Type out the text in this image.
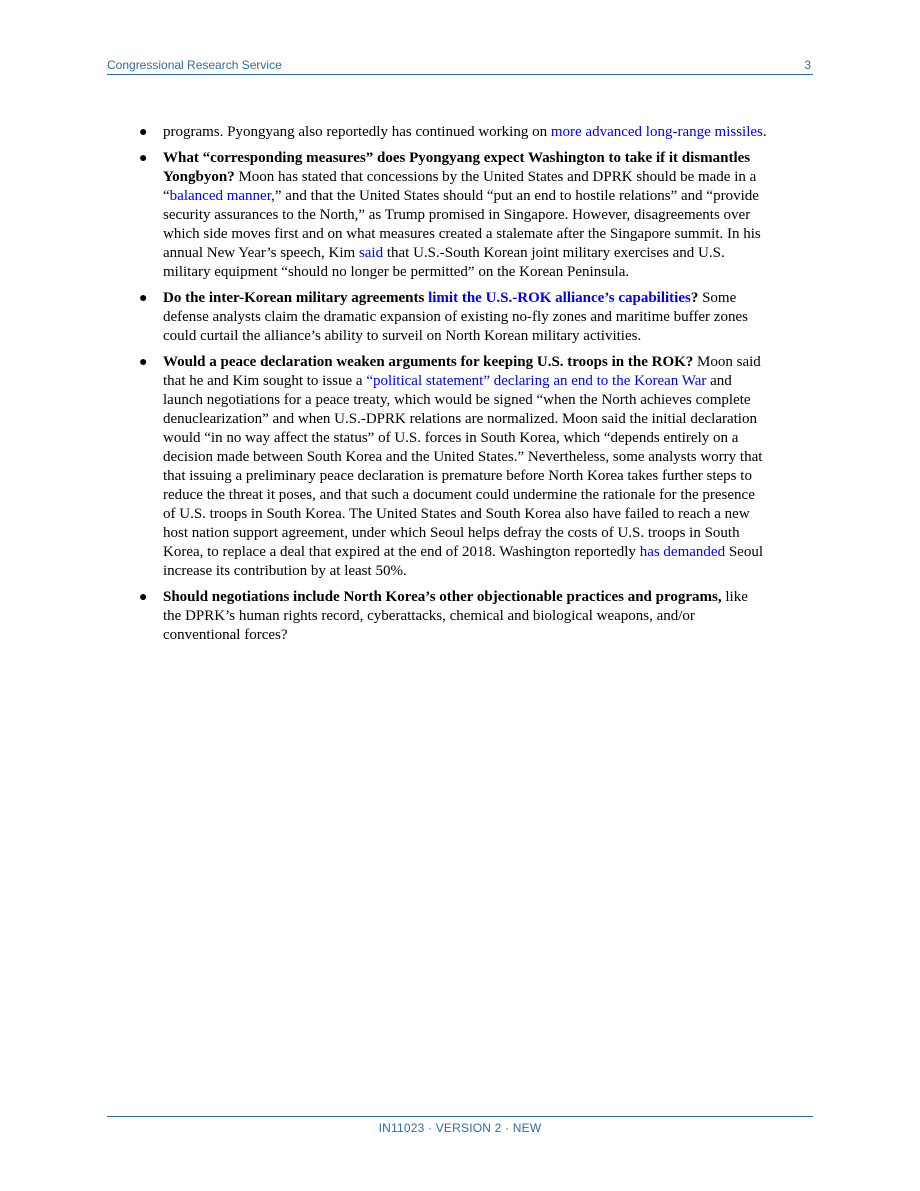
Congressional Research Service	3
● programs. Pyongyang also reportedly has continued working on more advanced long-range missiles.
● What “corresponding measures” does Pyongyang expect Washington to take if it dismantles Yongbyon? Moon has stated that concessions by the United States and DPRK should be made in a “balanced manner,” and that the United States should “put an end to hostile relations” and “provide security assurances to the North,” as Trump promised in Singapore. However, disagreements over which side moves first and on what measures created a stalemate after the Singapore summit. In his annual New Year’s speech, Kim said that U.S.-South Korean joint military exercises and U.S. military equipment “should no longer be permitted” on the Korean Peninsula.
● Do the inter-Korean military agreements limit the U.S.-ROK alliance’s capabilities? Some defense analysts claim the dramatic expansion of existing no-fly zones and maritime buffer zones could curtail the alliance’s ability to surveil on North Korean military activities.
● Would a peace declaration weaken arguments for keeping U.S. troops in the ROK? Moon said that he and Kim sought to issue a “political statement” declaring an end to the Korean War and launch negotiations for a peace treaty, which would be signed “when the North achieves complete denuclearization” and when U.S.-DPRK relations are normalized. Moon said the initial declaration would “in no way affect the status” of U.S. forces in South Korea, which “depends entirely on a decision made between South Korea and the United States.” Nevertheless, some analysts worry that that issuing a preliminary peace declaration is premature before North Korea takes further steps to reduce the threat it poses, and that such a document could undermine the rationale for the presence of U.S. troops in South Korea. The United States and South Korea also have failed to reach a new host nation support agreement, under which Seoul helps defray the costs of U.S. troops in South Korea, to replace a deal that expired at the end of 2018. Washington reportedly has demanded Seoul increase its contribution by at least 50%.
● Should negotiations include North Korea’s other objectionable practices and programs, like the DPRK’s human rights record, cyberattacks, chemical and biological weapons, and/or conventional forces?
IN11023 · VERSION 2 · NEW
